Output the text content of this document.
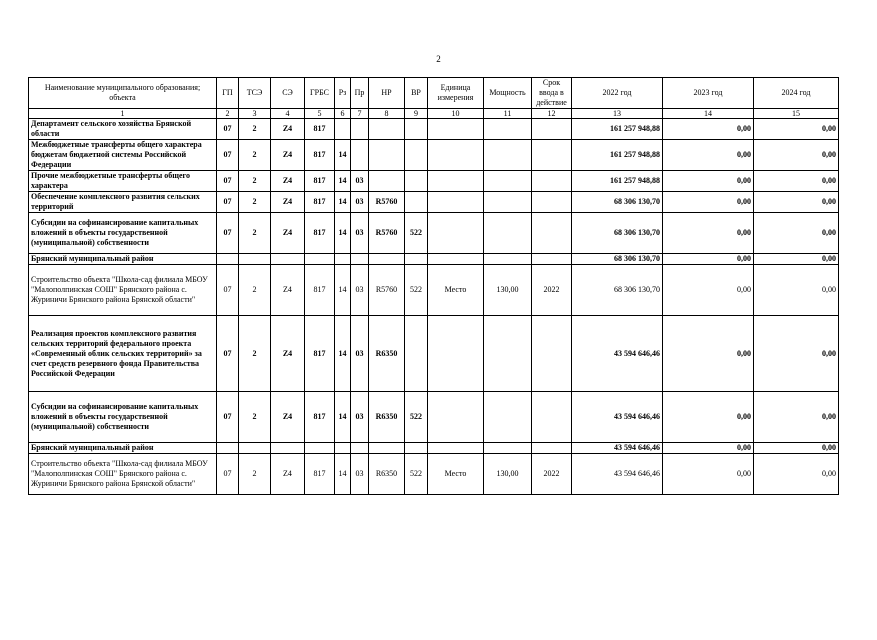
2
Наименование муниципального образования; объекта	ГП	ТСЭ	СЭ	ГРБС	Рз	Пр	НР	ВР	Единица измерения	Мощность	Срок ввода в действие	2022 год	2023 год	2024 год
1	2	3	4	5	6	7	8	9	10	11	12	13	14	15
Департамент сельского хозяйства Брянской области	07	2	Z4	817								161 257 948,88	0,00	0,00
Межбюджетные трансферты общего характера бюджетам бюджетной системы Российской Федерации	07	2	Z4	817	14							161 257 948,88	0,00	0,00
Прочие межбюджетные трансферты общего характера	07	2	Z4	817	14	03						161 257 948,88	0,00	0,00
Обеспечение комплексного развития сельских территорий	07	2	Z4	817	14	03	R5760					68 306 130,70	0,00	0,00
Субсидии на софинансирование капитальных вложений в объекты государственной (муниципальной) собственности	07	2	Z4	817	14	03	R5760	522				68 306 130,70	0,00	0,00
Брянский муниципальный район												68 306 130,70	0,00	0,00
Строительство объекта "Школа-сад филиала МБОУ "Малополпинская СОШ" Брянского района с. Журиничи Брянского района Брянской области"	07	2	Z4	817	14	03	R5760	522	Место	130,00	2022	68 306 130,70	0,00	0,00
Реализация проектов комплексного развития сельских территорий федерального проекта «Современный облик сельских территорий» за счет средств резервного фонда Правительства Российской Федерации	07	2	Z4	817	14	03	R6350					43 594 646,46	0,00	0,00
Субсидии на софинансирование капитальных вложений в объекты государственной (муниципальной) собственности	07	2	Z4	817	14	03	R6350	522				43 594 646,46	0,00	0,00
Брянский муниципальный район												43 594 646,46	0,00	0,00
Строительство объекта "Школа-сад филиала МБОУ "Малополпинская СОШ" Брянского района с. Журиничи Брянского района Брянской области"	07	2	Z4	817	14	03	R6350	522	Место	130,00	2022	43 594 646,46	0,00	0,00
